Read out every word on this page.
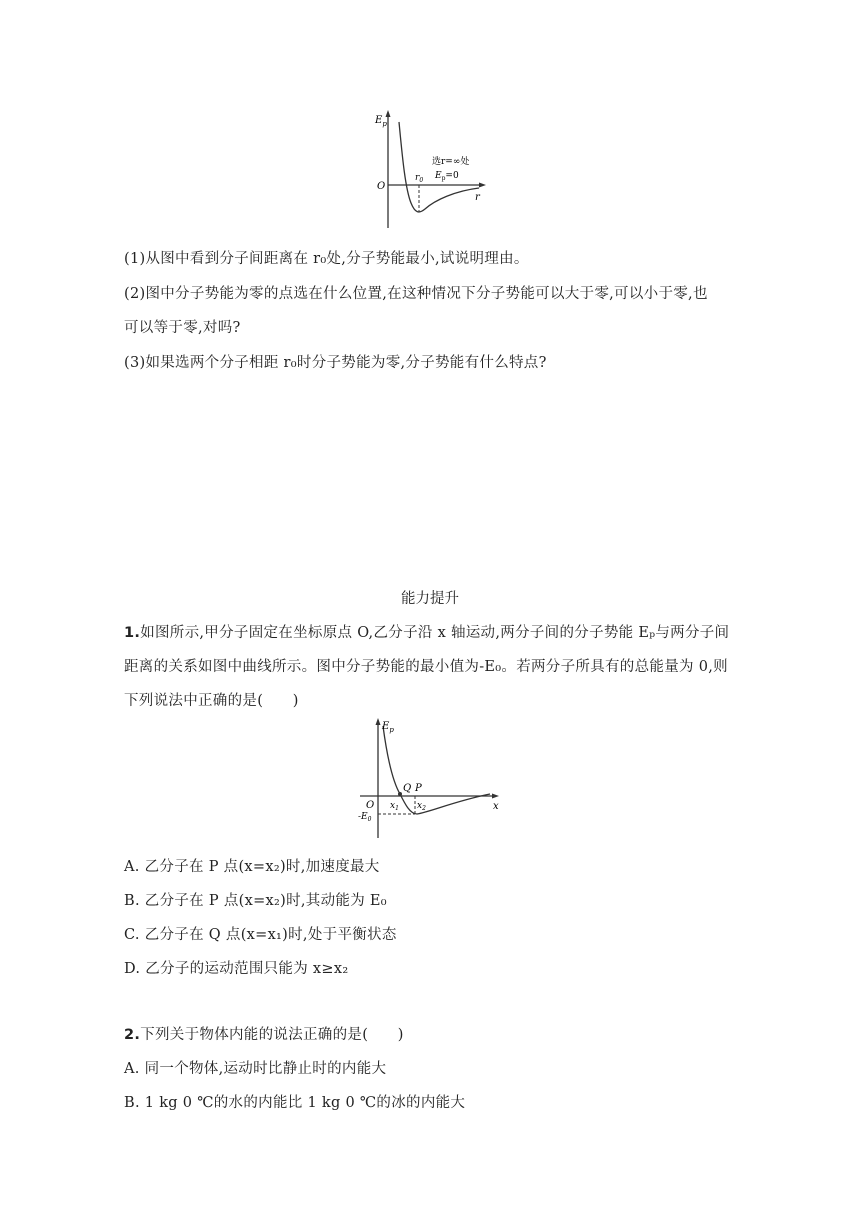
$E_p$
O
r
$r_0$
选r=∞处
$E_p=0$
(1)从图中看到分子间距离在 r₀处,分子势能最小,试说明理由。
(2)图中分子势能为零的点选在什么位置,在这种情况下分子势能可以大于零,可以小于零,也
可以等于零,对吗?
(3)如果选两个分子相距 r₀时分子势能为零,分子势能有什么特点?
能力提升
1.如图所示,甲分子固定在坐标原点 O,乙分子沿 x 轴运动,两分子间的分子势能 Eₚ与两分子间
距离的关系如图中曲线所示。图中分子势能的最小值为-E₀。若两分子所具有的总能量为 0,则
下列说法中正确的是(　　)
$E_p$
O	x
Q P
$x_1$ $x_2$
$-E_0$
A. 乙分子在 P 点(x=x₂)时,加速度最大
B. 乙分子在 P 点(x=x₂)时,其动能为 E₀
C. 乙分子在 Q 点(x=x₁)时,处于平衡状态
D. 乙分子的运动范围只能为 x≥x₂
2.下列关于物体内能的说法正确的是(　　)
A. 同一个物体,运动时比静止时的内能大
B. 1 kg 0 ℃的水的内能比 1 kg 0 ℃的冰的内能大
